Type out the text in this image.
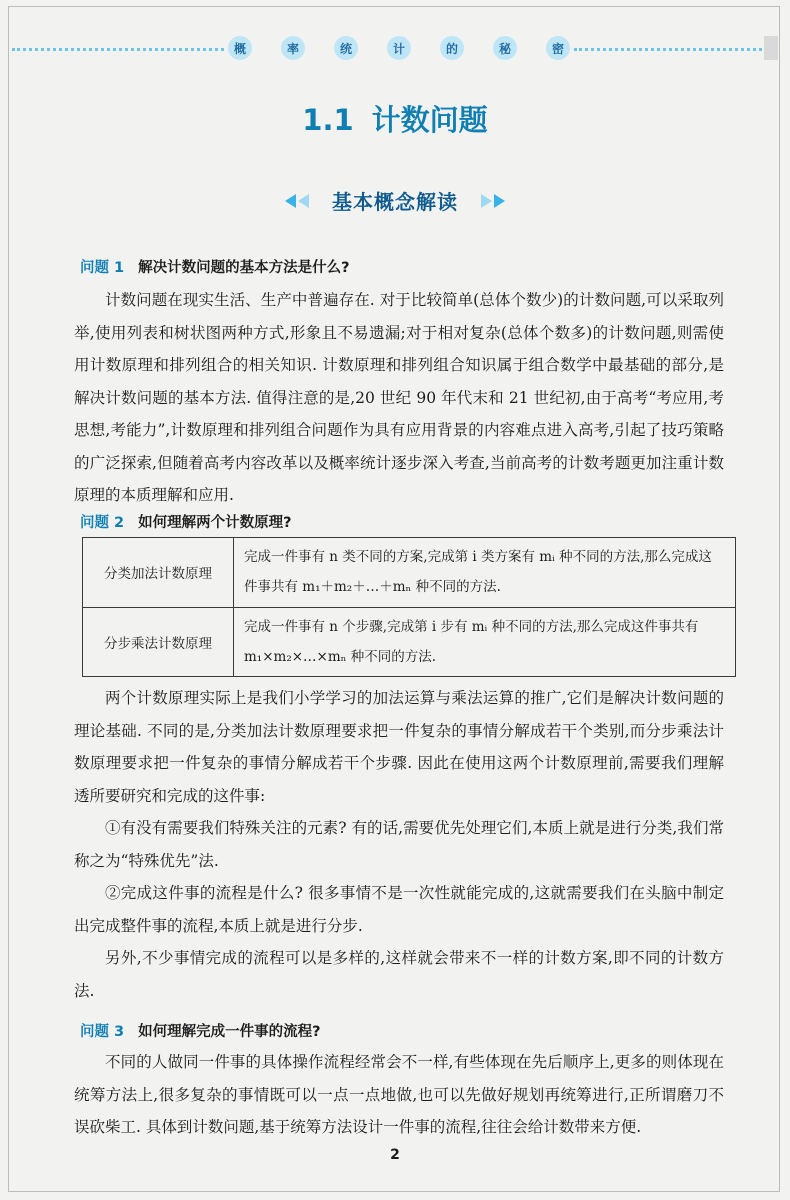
概	率	统	计	的	秘	密
1.1 计数问题
基本概念解读
问题 1 解决计数问题的基本方法是什么?

计数问题在现实生活、生产中普遍存在. 对于比较简单(总体个数少)的计数问题,可以采取列举,使用列表和树状图两种方式,形象且不易遗漏;对于相对复杂(总体个数多)的计数问题,则需使用计数原理和排列组合的相关知识. 计数原理和排列组合知识属于组合数学中最基础的部分,是解决计数问题的基本方法. 值得注意的是,20 世纪 90 年代末和 21 世纪初,由于高考“考应用,考思想,考能力”,计数原理和排列组合问题作为具有应用背景的内容难点进入高考,引起了技巧策略的广泛探索,但随着高考内容改革以及概率统计逐步深入考查,当前高考的计数考题更加注重计数原理的本质理解和应用.

问题 2 如何理解两个计数原理?
分类加法计数原理	完成一件事有 n 类不同的方案,完成第 i 类方案有 mᵢ 种不同的方法,那么完成这件事共有 m₁＋m₂＋…＋mₙ 种不同的方法.
分步乘法计数原理	完成一件事有 n 个步骤,完成第 i 步有 mᵢ 种不同的方法,那么完成这件事共有 m₁×m₂×…×mₙ 种不同的方法.

两个计数原理实际上是我们小学学习的加法运算与乘法运算的推广,它们是解决计数问题的理论基础. 不同的是,分类加法计数原理要求把一件复杂的事情分解成若干个类别,而分步乘法计数原理要求把一件复杂的事情分解成若干个步骤. 因此在使用这两个计数原理前,需要我们理解透所要研究和完成的这件事:

①有没有需要我们特殊关注的元素? 有的话,需要优先处理它们,本质上就是进行分类,我们常称之为“特殊优先”法.

②完成这件事的流程是什么? 很多事情不是一次性就能完成的,这就需要我们在头脑中制定出完成整件事的流程,本质上就是进行分步.

另外,不少事情完成的流程可以是多样的,这样就会带来不一样的计数方案,即不同的计数方法.

问题 3 如何理解完成一件事的流程?

不同的人做同一件事的具体操作流程经常会不一样,有些体现在先后顺序上,更多的则体现在统筹方法上,很多复杂的事情既可以一点一点地做,也可以先做好规划再统筹进行,正所谓磨刀不误砍柴工. 具体到计数问题,基于统筹方法设计一件事的流程,往往会给计数带来方便.

2
